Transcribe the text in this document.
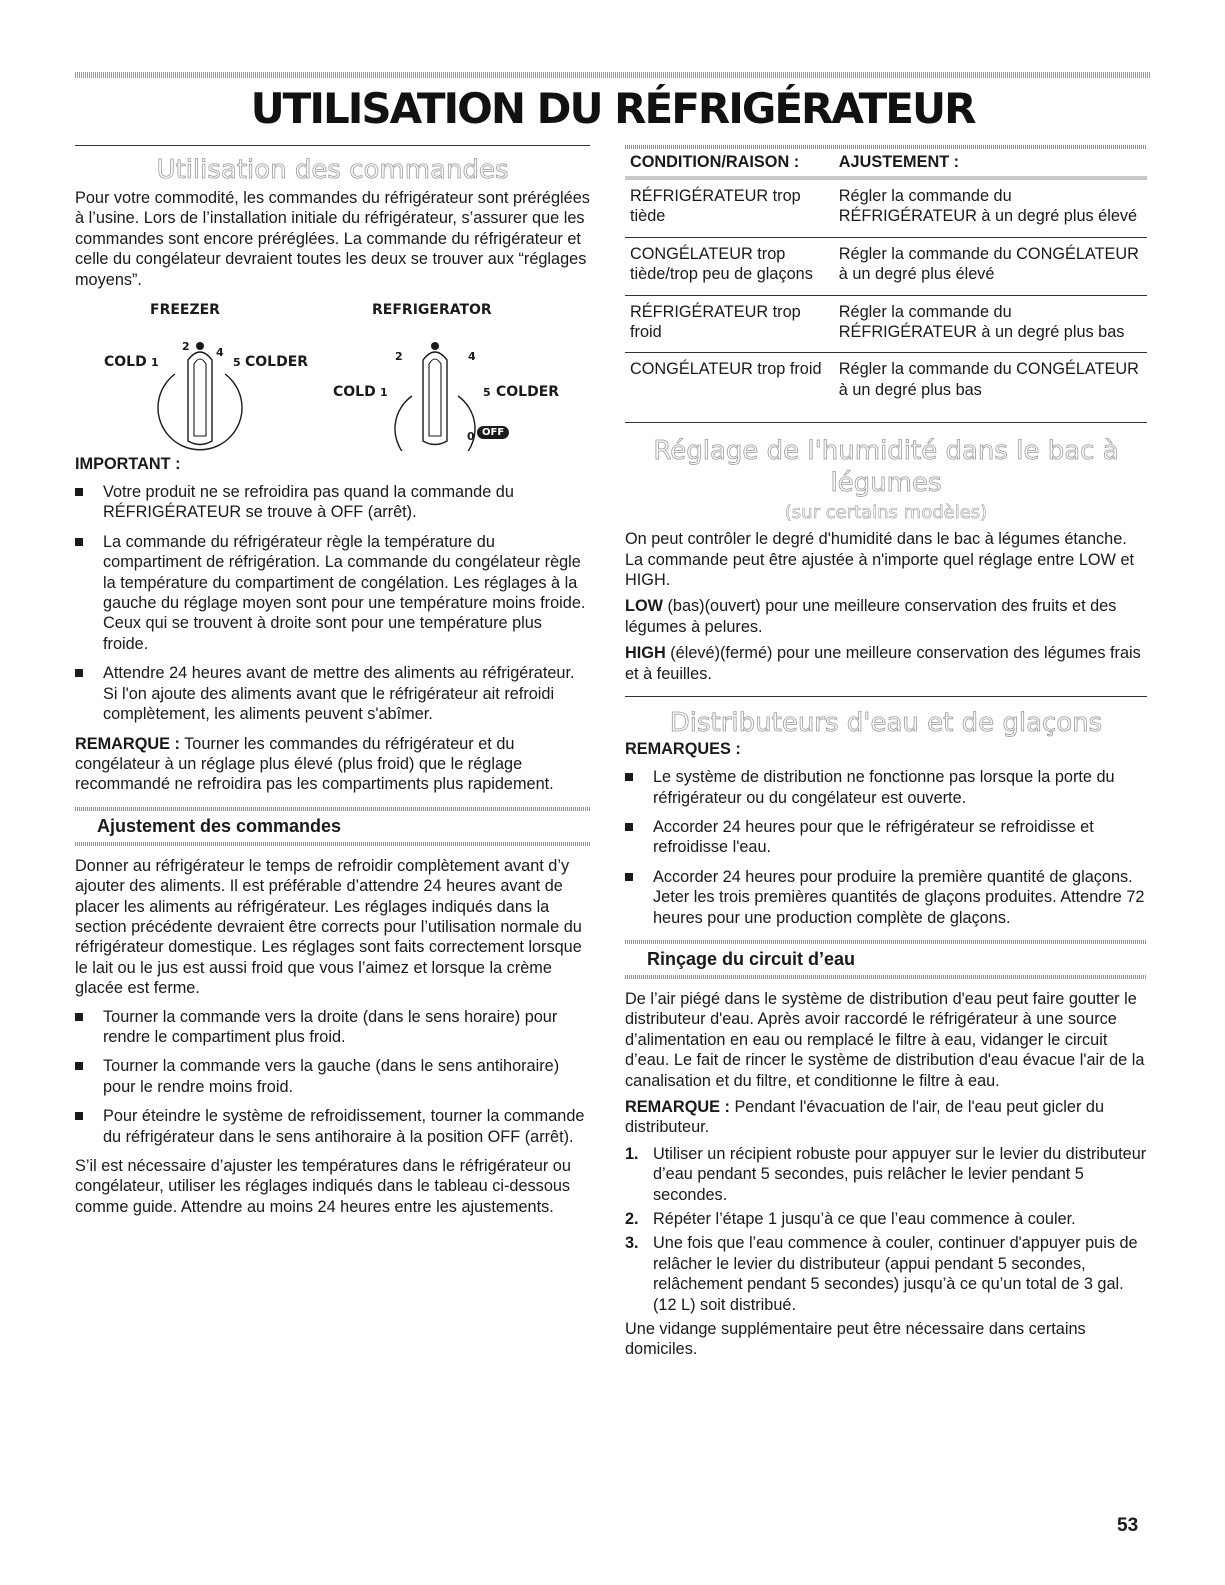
UTILISATION DU RÉFRIGÉRATEUR
Utilisation des commandes

Pour votre commodité, les commandes du réfrigérateur sont préréglées à l’usine. Lors de l’installation initiale du réfrigérateur, s’assurer que les commandes sont encore préréglées. La commande du réfrigérateur et celle du congélateur devraient toutes les deux se trouver aux “réglages moyens”.

FREEZER	REFRIGERATOR
COLD 1
2 4
5 COLDER	2	4
COLD 1	5 COLDER
0 OFF
IMPORTANT :
Votre produit ne se refroidira pas quand la commande du RÉFRIGÉRATEUR se trouve à OFF (arrêt).
La commande du réfrigérateur règle la température du compartiment de réfrigération. La commande du congélateur règle la température du compartiment de congélation. Les réglages à la gauche du réglage moyen sont pour une température moins froide. Ceux qui se trouvent à droite sont pour une température plus froide.
Attendre 24 heures avant de mettre des aliments au réfrigérateur. Si l'on ajoute des aliments avant que le réfrigérateur ait refroidi complètement, les aliments peuvent s'abîmer.

REMARQUE : Tourner les commandes du réfrigérateur et du congélateur à un réglage plus élevé (plus froid) que le réglage recommandé ne refroidira pas les compartiments plus rapidement.

Ajustement des commandes

Donner au réfrigérateur le temps de refroidir complètement avant d’y ajouter des aliments. Il est préférable d’attendre 24 heures avant de placer les aliments au réfrigérateur. Les réglages indiqués dans la section précédente devraient être corrects pour l’utilisation normale du réfrigérateur domestique. Les réglages sont faits correctement lorsque le lait ou le jus est aussi froid que vous l’aimez et lorsque la crème glacée est ferme.

Tourner la commande vers la droite (dans le sens horaire) pour rendre le compartiment plus froid.
Tourner la commande vers la gauche (dans le sens antihoraire) pour le rendre moins froid.
Pour éteindre le système de refroidissement, tourner la commande du réfrigérateur dans le sens antihoraire à la position OFF (arrêt).

S’il est nécessaire d’ajuster les températures dans le réfrigérateur ou congélateur, utiliser les réglages indiqués dans le tableau ci-dessous comme guide. Attendre au moins 24 heures entre les ajustements.

CONDITION/RAISON :	AJUSTEMENT :
RÉFRIGÉRATEUR trop tiède	Régler la commande du RÉFRIGÉRATEUR à un degré plus élevé
CONGÉLATEUR trop tiède/trop peu de glaçons	Régler la commande du CONGÉLATEUR à un degré plus élevé
RÉFRIGÉRATEUR trop froid	Régler la commande du RÉFRIGÉRATEUR à un degré plus bas
CONGÉLATEUR trop froid	Régler la commande du CONGÉLATEUR à un degré plus bas
Réglage de l'humidité dans le bac à
légumes
(sur certains modèles)

On peut contrôler le degré d'humidité dans le bac à légumes étanche. La commande peut être ajustée à n'importe quel réglage entre LOW et HIGH.

LOW (bas)(ouvert) pour une meilleure conservation des fruits et des légumes à pelures.

HIGH (élevé)(fermé) pour une meilleure conservation des légumes frais et à feuilles.

Distributeurs d'eau et de glaçons
REMARQUES :
Le système de distribution ne fonctionne pas lorsque la porte du réfrigérateur ou du congélateur est ouverte.
Accorder 24 heures pour que le réfrigérateur se refroidisse et refroidisse l'eau.
Accorder 24 heures pour produire la première quantité de glaçons. Jeter les trois premières quantités de glaçons produites. Attendre 72 heures pour une production complète de glaçons.
Rinçage du circuit d’eau

De l’air piégé dans le système de distribution d'eau peut faire goutter le distributeur d'eau. Après avoir raccordé le réfrigérateur à une source d’alimentation en eau ou remplacé le filtre à eau, vidanger le circuit d’eau. Le fait de rincer le système de distribution d'eau évacue l'air de la canalisation et du filtre, et conditionne le filtre à eau.

REMARQUE : Pendant l'évacuation de l'air, de l'eau peut gicler du distributeur.

1. Utiliser un récipient robuste pour appuyer sur le levier du distributeur d’eau pendant 5 secondes, puis relâcher le levier pendant 5 secondes.
2. Répéter l’étape 1 jusqu’à ce que l’eau commence à couler.
3. Une fois que l’eau commence à couler, continuer d'appuyer puis de relâcher le levier du distributeur (appui pendant 5 secondes, relâchement pendant 5 secondes) jusqu’à ce qu’un total de 3 gal. (12 L) soit distribué.

Une vidange supplémentaire peut être nécessaire dans certains domiciles.

53
